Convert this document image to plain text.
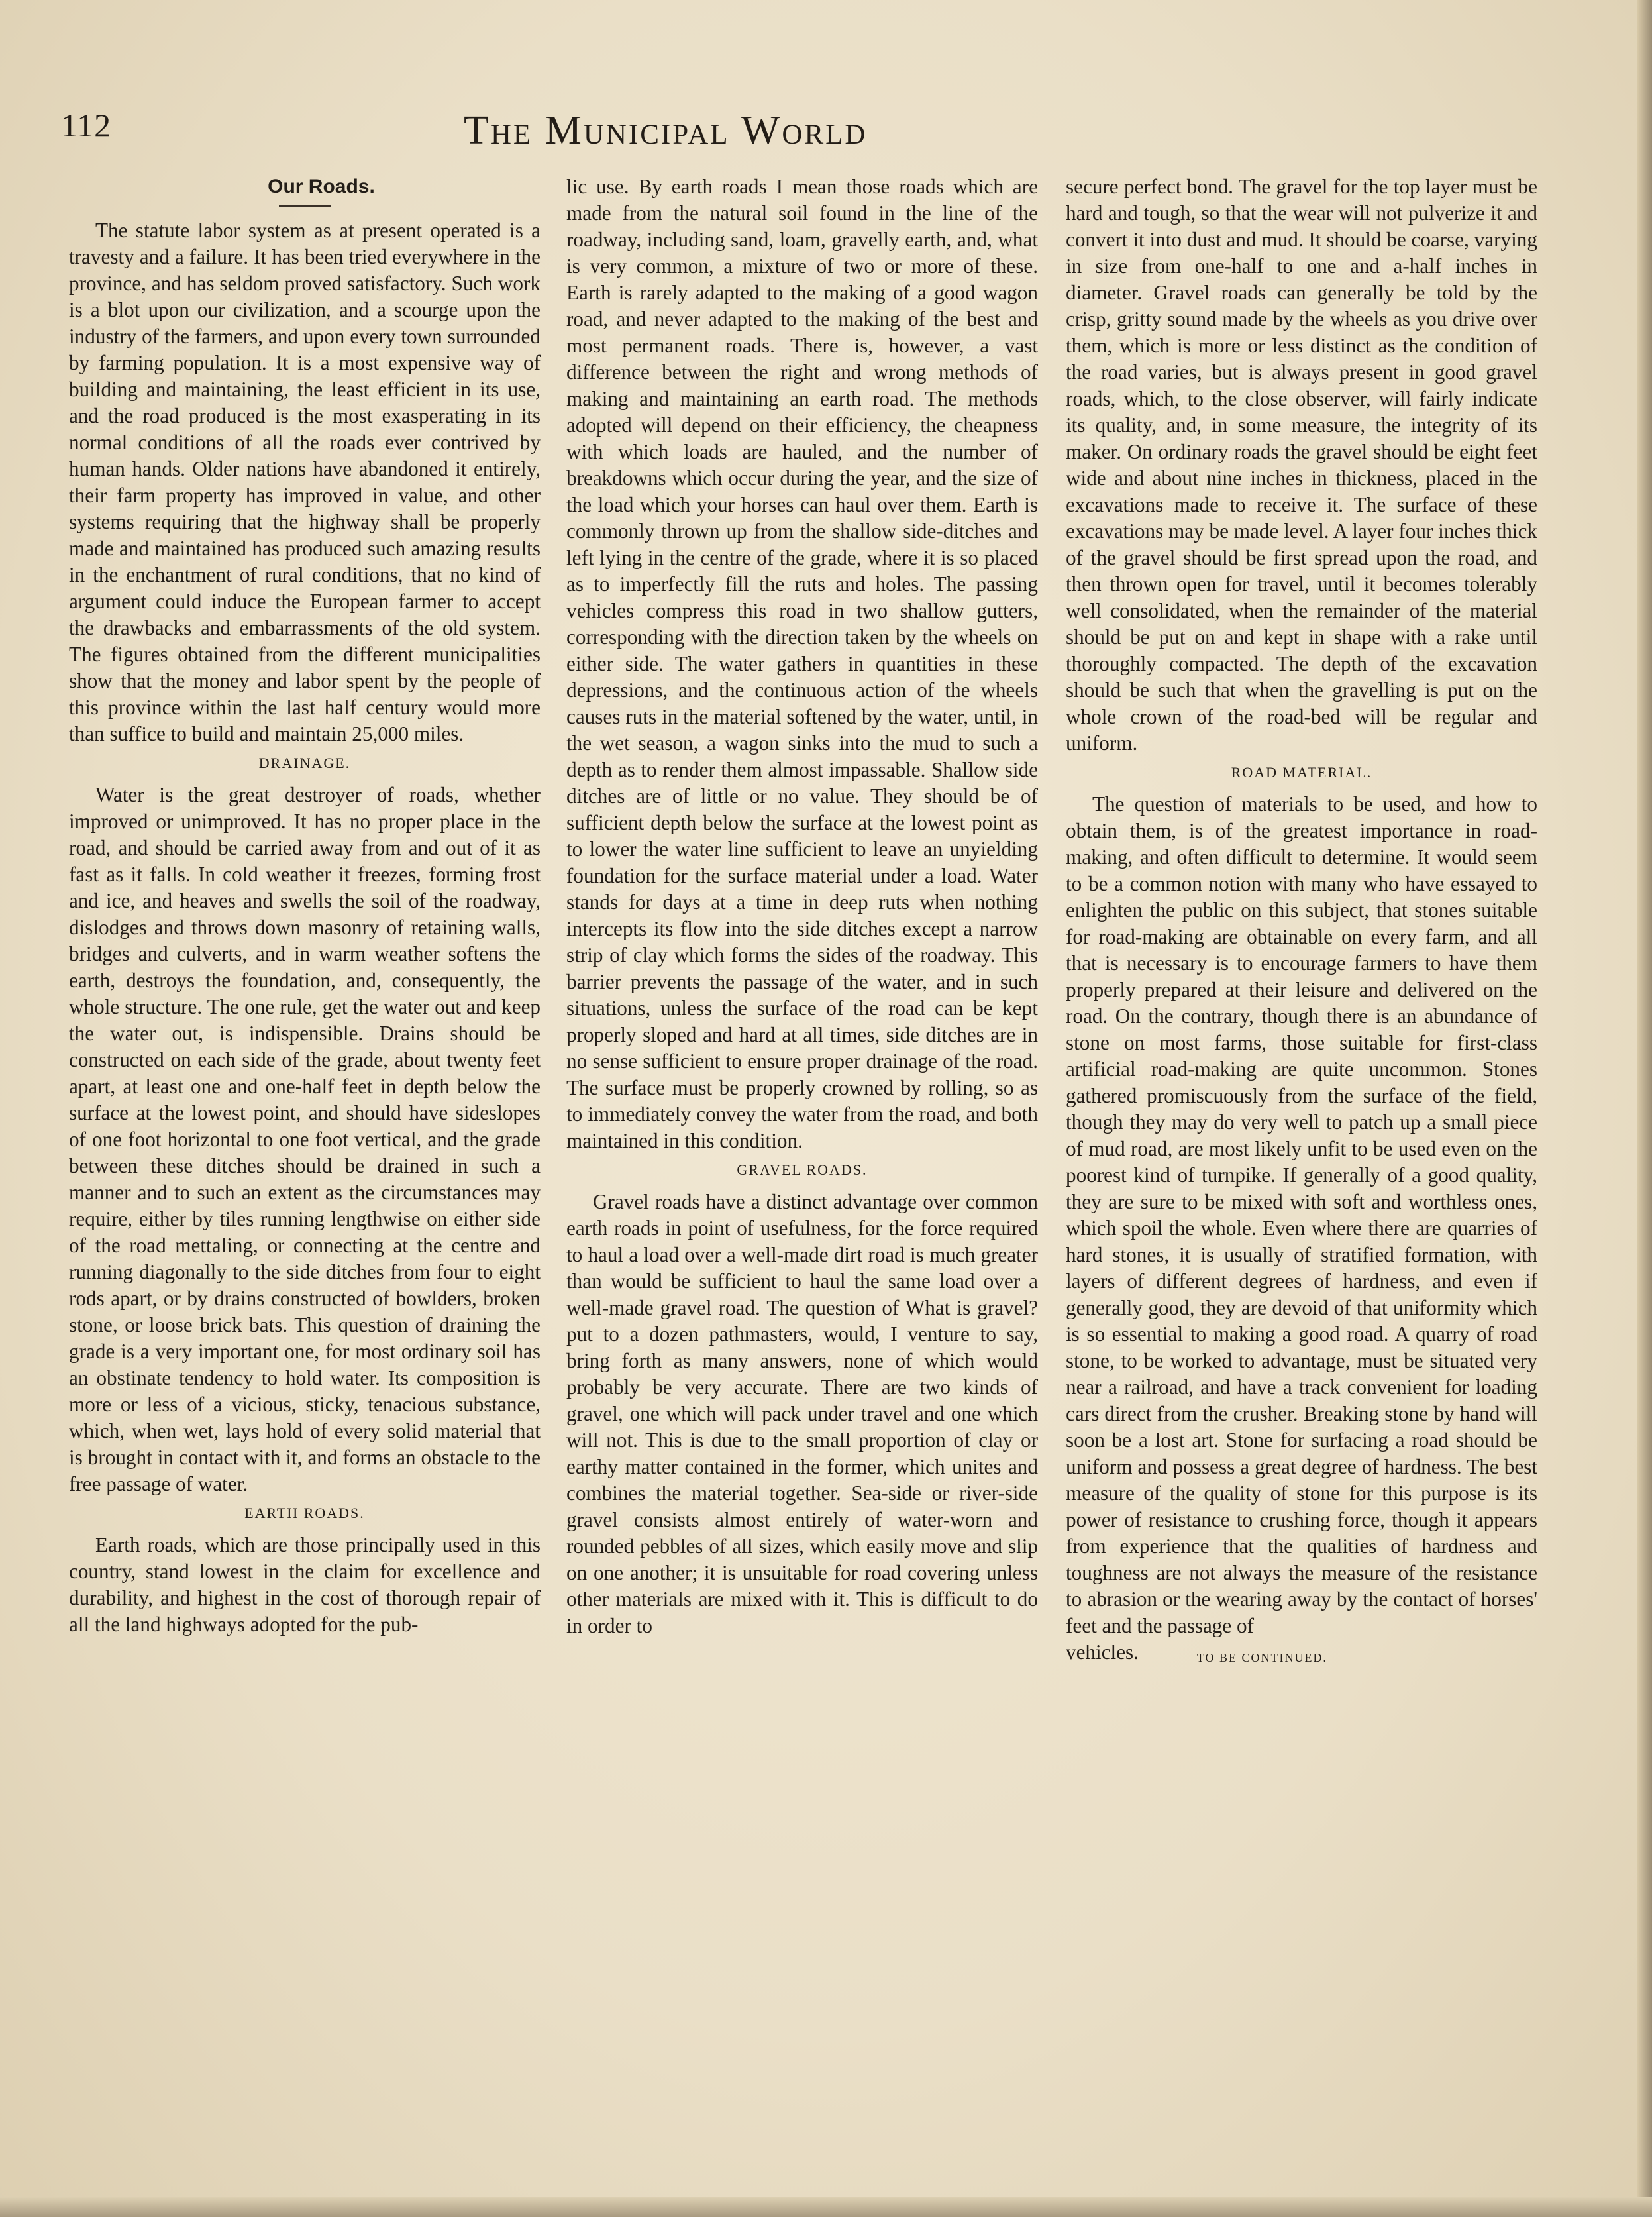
112	The Municipal World
Our Roads.

The statute labor system as at present operated is a travesty and a failure. It has been tried everywhere in the province, and has seldom proved satisfactory. Such work is a blot upon our civilization, and a scourge upon the industry of the farmers, and upon every town surrounded by farming population. It is a most expensive way of building and maintaining, the least efficient in its use, and the road produced is the most exasperating in its normal conditions of all the roads ever contrived by human hands. Older nations have abandoned it entirely, their farm property has improved in value, and other systems requiring that the highway shall be properly made and maintained has produced such amazing results in the enchantment of rural conditions, that no kind of argument could induce the European farmer to accept the drawbacks and embarrassments of the old system. The figures obtained from the different municipalities show that the money and labor spent by the people of this province within the last half century would more than suffice to build and maintain 25,000 miles.

DRAINAGE.

Water is the great destroyer of roads, whether improved or unimproved. It has no proper place in the road, and should be carried away from and out of it as fast as it falls. In cold weather it freezes, forming frost and ice, and heaves and swells the soil of the roadway, dislodges and throws down masonry of retaining walls, bridges and culverts, and in warm weather softens the earth, destroys the foundation, and, consequently, the whole structure. The one rule, get the water out and keep the water out, is indispensible. Drains should be constructed on each side of the grade, about twenty feet apart, at least one and one-half feet in depth below the surface at the lowest point, and should have sideslopes of one foot horizontal to one foot vertical, and the grade between these ditches should be drained in such a manner and to such an extent as the circumstances may require, either by tiles running lengthwise on either side of the road mettaling, or connecting at the centre and running diagonally to the side ditches from four to eight rods apart, or by drains constructed of bowlders, broken stone, or loose brick bats. This question of draining the grade is a very important one, for most ordinary soil has an obstinate tendency to hold water. Its composition is more or less of a vicious, sticky, tenacious substance, which, when wet, lays hold of every solid material that is brought in contact with it, and forms an obstacle to the free passage of water.

EARTH ROADS.

Earth roads, which are those principally used in this country, stand lowest in the claim for excellence and durability, and highest in the cost of thorough repair of all the land highways adopted for the pub-

lic use. By earth roads I mean those roads which are made from the natural soil found in the line of the roadway, including sand, loam, gravelly earth, and, what is very common, a mixture of two or more of these. Earth is rarely adapted to the making of a good wagon road, and never adapted to the making of the best and most permanent roads. There is, however, a vast difference between the right and wrong methods of making and maintaining an earth road. The methods adopted will depend on their efficiency, the cheapness with which loads are hauled, and the number of breakdowns which occur during the year, and the size of the load which your horses can haul over them. Earth is commonly thrown up from the shallow side-ditches and left lying in the centre of the grade, where it is so placed as to imperfectly fill the ruts and holes. The passing vehicles compress this road in two shallow gutters, corresponding with the direction taken by the wheels on either side. The water gathers in quantities in these depressions, and the continuous action of the wheels causes ruts in the material softened by the water, until, in the wet season, a wagon sinks into the mud to such a depth as to render them almost impassable. Shallow side ditches are of little or no value. They should be of sufficient depth below the surface at the lowest point as to lower the water line sufficient to leave an unyielding foundation for the surface material under a load. Water stands for days at a time in deep ruts when nothing intercepts its flow into the side ditches except a narrow strip of clay which forms the sides of the roadway. This barrier prevents the passage of the water, and in such situations, unless the surface of the road can be kept properly sloped and hard at all times, side ditches are in no sense sufficient to ensure proper drainage of the road. The surface must be properly crowned by rolling, so as to immediately convey the water from the road, and both maintained in this condition.

GRAVEL ROADS.

Gravel roads have a distinct advantage over common earth roads in point of usefulness, for the force required to haul a load over a well-made dirt road is much greater than would be sufficient to haul the same load over a well-made gravel road. The question of What is gravel? put to a dozen pathmasters, would, I venture to say, bring forth as many answers, none of which would probably be very accurate. There are two kinds of gravel, one which will pack under travel and one which will not. This is due to the small proportion of clay or earthy matter contained in the former, which unites and combines the material together. Sea-side or river-side gravel consists almost entirely of water-worn and rounded pebbles of all sizes, which easily move and slip on one another; it is unsuitable for road covering unless other materials are mixed with it. This is difficult to do in order to

secure perfect bond. The gravel for the top layer must be hard and tough, so that the wear will not pulverize it and convert it into dust and mud. It should be coarse, varying in size from one-half to one and a-half inches in diameter. Gravel roads can generally be told by the crisp, gritty sound made by the wheels as you drive over them, which is more or less distinct as the condition of the road varies, but is always present in good gravel roads, which, to the close observer, will fairly indicate its quality, and, in some measure, the integrity of its maker. On ordinary roads the gravel should be eight feet wide and about nine inches in thickness, placed in the excavations made to receive it. The surface of these excavations may be made level. A layer four inches thick of the gravel should be first spread upon the road, and then thrown open for travel, until it becomes tolerably well consolidated, when the remainder of the material should be put on and kept in shape with a rake until thoroughly compacted. The depth of the excavation should be such that when the gravelling is put on the whole crown of the road-bed will be regular and uniform.

ROAD MATERIAL.

The question of materials to be used, and how to obtain them, is of the greatest importance in road-making, and often difficult to determine. It would seem to be a common notion with many who have essayed to enlighten the public on this subject, that stones suitable for road-making are obtainable on every farm, and all that is necessary is to encourage farmers to have them properly prepared at their leisure and delivered on the road. On the contrary, though there is an abundance of stone on most farms, those suitable for first-class artificial road-making are quite uncommon. Stones gathered promiscuously from the surface of the field, though they may do very well to patch up a small piece of mud road, are most likely unfit to be used even on the poorest kind of turnpike. If generally of a good quality, they are sure to be mixed with soft and worthless ones, which spoil the whole. Even where there are quarries of hard stones, it is usually of stratified formation, with layers of different degrees of hardness, and even if generally good, they are devoid of that uniformity which is so essential to making a good road. A quarry of road stone, to be worked to advantage, must be situated very near a railroad, and have a track convenient for loading cars direct from the crusher. Breaking stone by hand will soon be a lost art. Stone for surfacing a road should be uniform and possess a great degree of hardness. The best measure of the quality of stone for this purpose is its power of resistance to crushing force, though it appears from experience that the qualities of hardness and toughness are not always the measure of the resistance to abrasion or the wearing away by the contact of horses' feet and the passage of

vehicles.	TO BE CONTINUED.
